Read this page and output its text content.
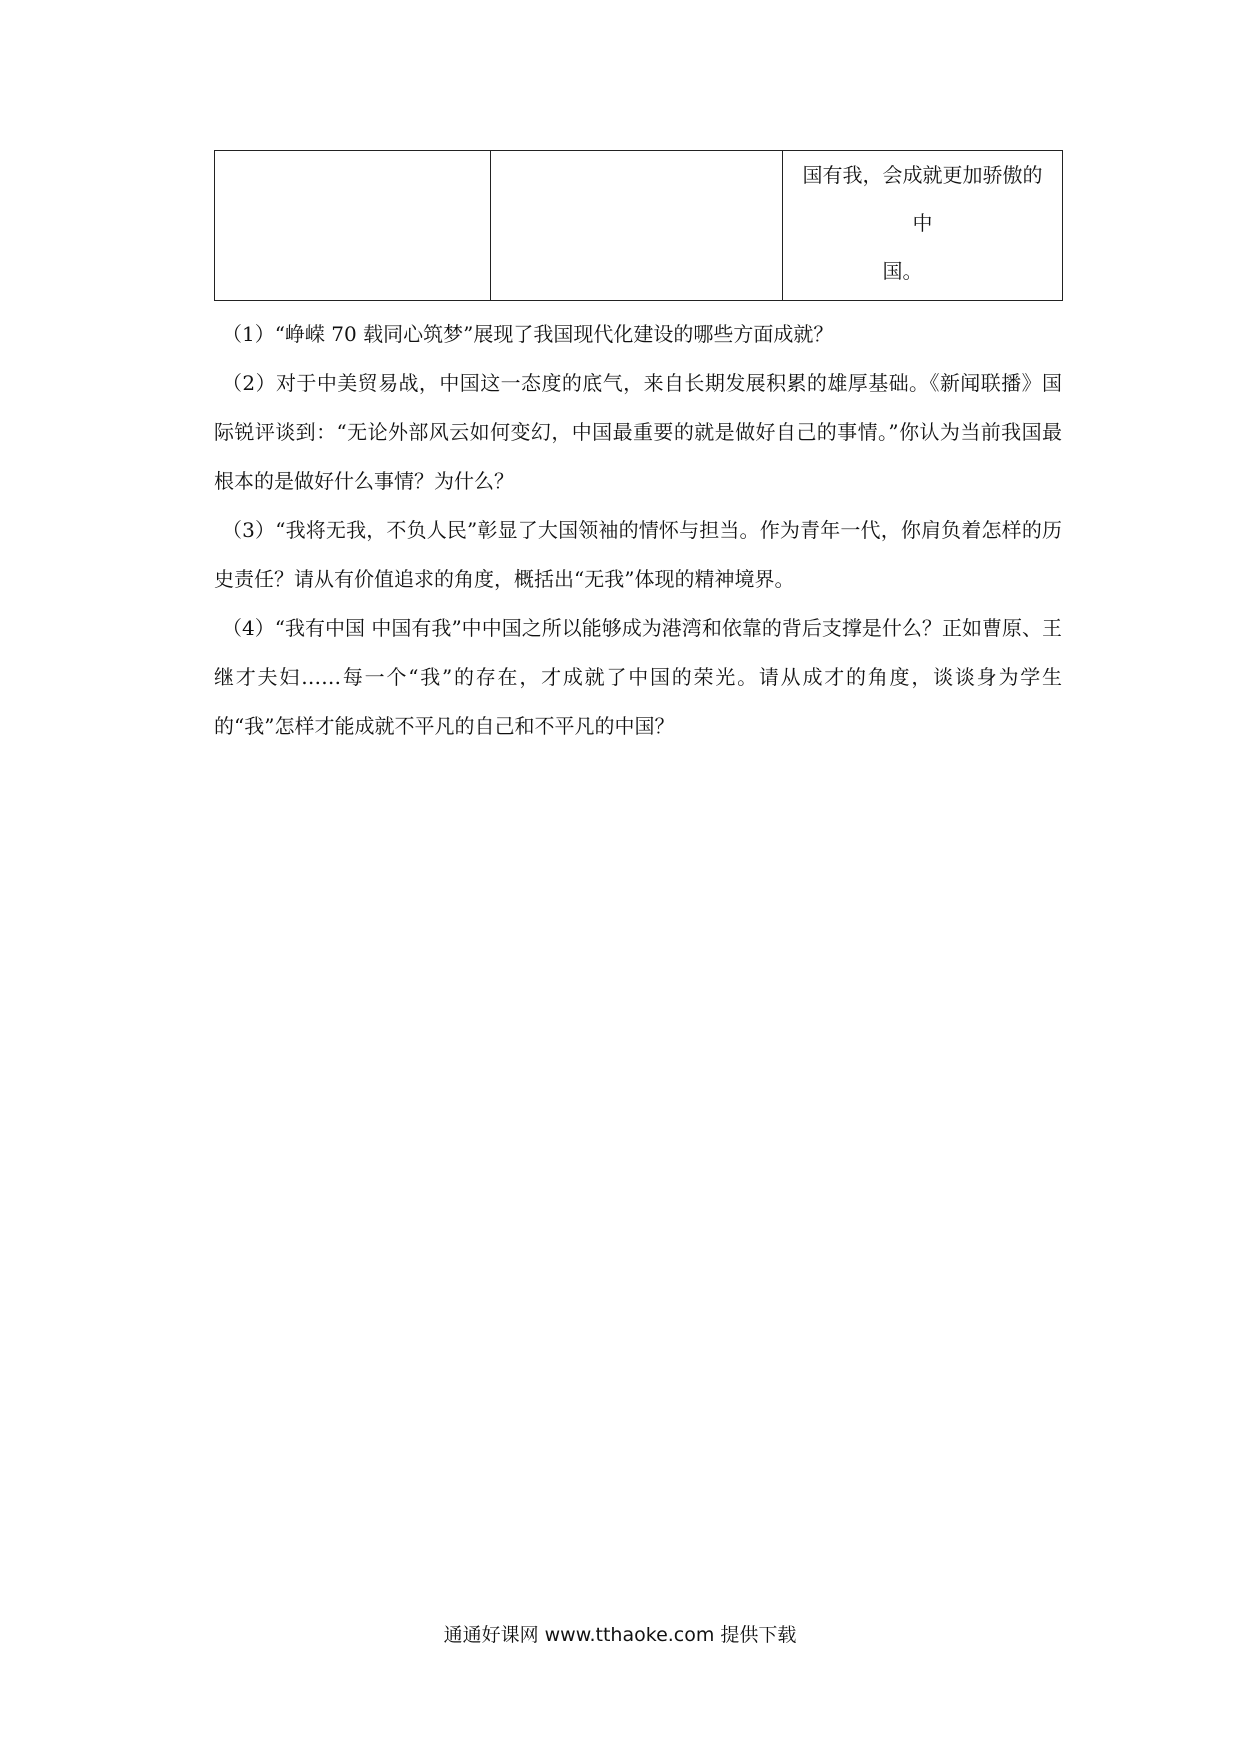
国有我，会成就更加骄傲的
中
国。
（1）“峥嵘 70 载同心筑梦”展现了我国现代化建设的哪些方面成就？
（2）对于中美贸易战，中国这一态度的底气，来自长期发展积累的雄厚基础。《新闻联播》国际锐评谈到：“无论外部风云如何变幻，中国最重要的就是做好自己的事情。”你认为当前我国最根本的是做好什么事情？为什么？
（3）“我将无我，不负人民”彰显了大国领袖的情怀与担当。作为青年一代，你肩负着怎样的历史责任？请从有价值追求的角度，概括出“无我”体现的精神境界。
（4）“我有中国 中国有我”中中国之所以能够成为港湾和依靠的背后支撑是什么？正如曹原、王继才夫妇……每一个“我”的存在，才成就了中国的荣光。请从成才的角度，谈谈身为学生的“我”怎样才能成就不平凡的自己和不平凡的中国？
通通好课网 www.tthaoke.com 提供下载
